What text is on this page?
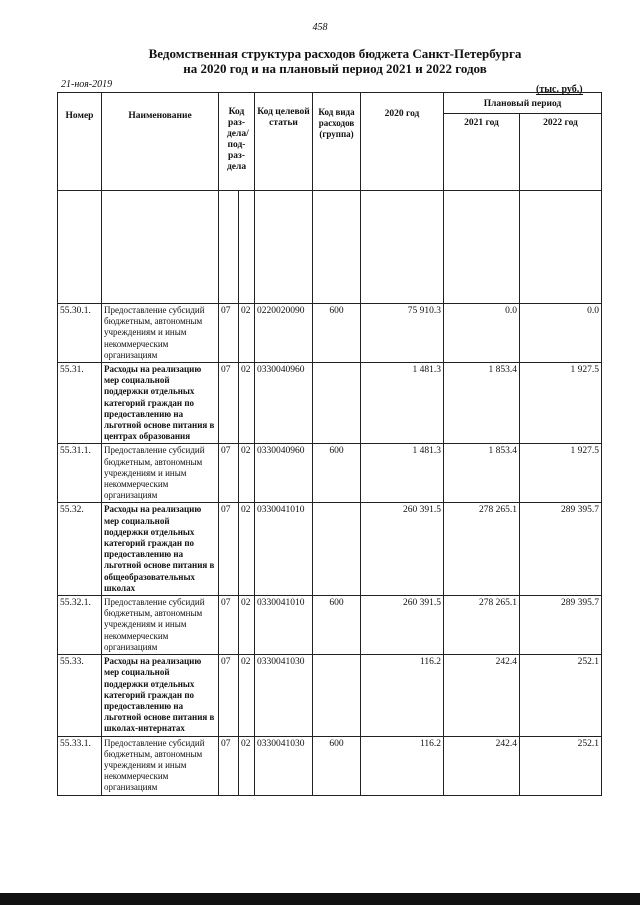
458
Ведомственная структура расходов бюджета Санкт-Петербурга
на 2020 год и на плановый период 2021 и 2022 годов
21-ноя-2019	(тыс. руб.)
Номер	Наименование	Код раз-дела/ под-раз-дела		Код целевой статьи	Код вида расходов (группа)	2020 год	Плановый период	
							2021 год	2022 год

55.30.1.	Предоставление субсидий бюджетным, автономным учреждениям и иным некоммерческим организациям	07	02	0220020090	600	75 910.3	0.0	0.0
55.31.	Расходы на реализацию мер социальной поддержки отдельных категорий граждан по предоставлению на льготной основе питания в центрах образования	07	02	0330040960		1 481.3	1 853.4	1 927.5
55.31.1.	Предоставление субсидий бюджетным, автономным учреждениям и иным некоммерческим организациям	07	02	0330040960	600	1 481.3	1 853.4	1 927.5
55.32.	Расходы на реализацию мер социальной поддержки отдельных категорий граждан по предоставлению на льготной основе питания в общеобразовательных школах	07	02	0330041010		260 391.5	278 265.1	289 395.7
55.32.1.	Предоставление субсидий бюджетным, автономным учреждениям и иным некоммерческим организациям	07	02	0330041010	600	260 391.5	278 265.1	289 395.7
55.33.	Расходы на реализацию мер социальной поддержки отдельных категорий граждан по предоставлению на льготной основе питания в школах-интернатах	07	02	0330041030		116.2	242.4	252.1
55.33.1.	Предоставление субсидий бюджетным, автономным учреждениям и иным некоммерческим организациям	07	02	0330041030	600	116.2	242.4	252.1
